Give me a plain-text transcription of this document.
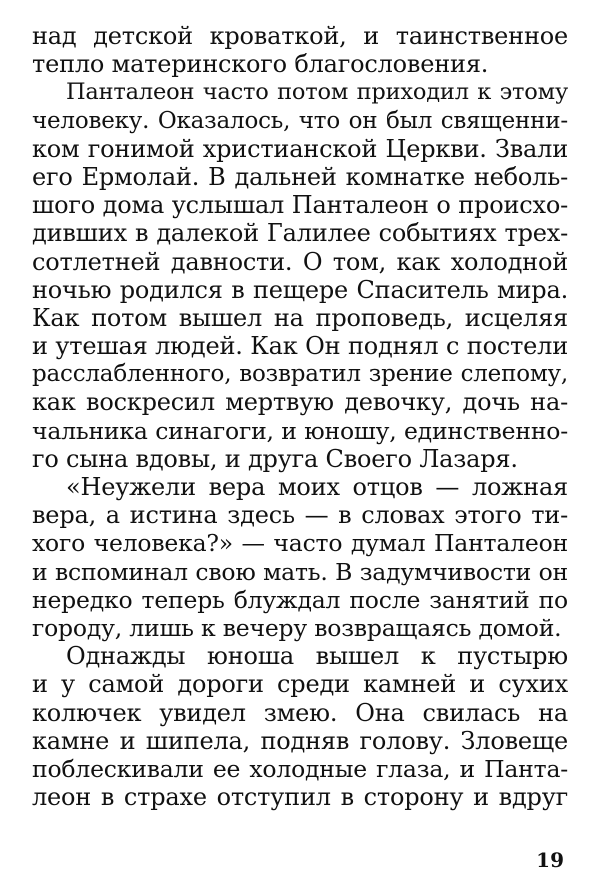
над детской кроваткой, и таинственное
тепло материнского благословения.
Панталеон часто потом приходил к этому
человеку. Оказалось, что он был священни-
ком гонимой христианской Церкви. Звали
его Ермолай. В дальней комнатке неболь-
шого дома услышал Панталеон о происхо-
дивших в далекой Галилее событиях трех-
сотлетней давности. О том, как холодной
ночью родился в пещере Спаситель мира.
Как потом вышел на проповедь, исцеляя
и утешая людей. Как Он поднял с постели
расслабленного, возвратил зрение слепому,
как воскресил мертвую девочку, дочь на-
чальника синагоги, и юношу, единственно-
го сына вдовы, и друга Своего Лазаря.
«Неужели вера моих отцов — ложная
вера, а истина здесь — в словах этого ти-
хого человека?» — часто думал Панталеон
и вспоминал свою мать. В задумчивости он
нередко теперь блуждал после занятий по
городу, лишь к вечеру возвращаясь домой.
Однажды юноша вышел к пустырю
и у самой дороги среди камней и сухих
колючек увидел змею. Она свилась на
камне и шипела, подняв голову. Зловеще
поблескивали ее холодные глаза, и Панта-
леон в страхе отступил в сторону и вдруг
19
